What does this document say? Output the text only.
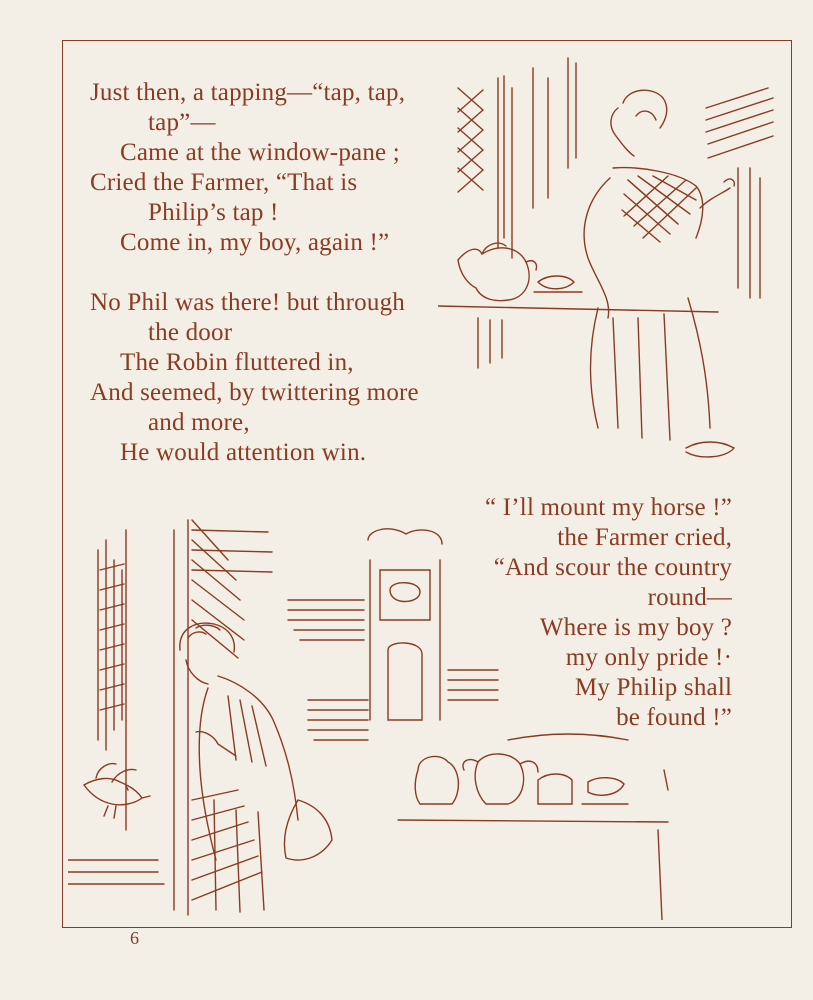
Just then, a tapping—“tap, tap,
tap”—
Came at the window-pane ;
Cried the Farmer, “That is
Philip’s tap !
Come in, my boy, again !”
No Phil was there! but through
the door
The Robin fluttered in,
And seemed, by twittering more
and more,
He would attention win.
“ I’ll mount my horse !”
the Farmer cried,
“And scour the country
round—
Where is my boy ?
my only pride !·
My Philip shall
be found !”
6
